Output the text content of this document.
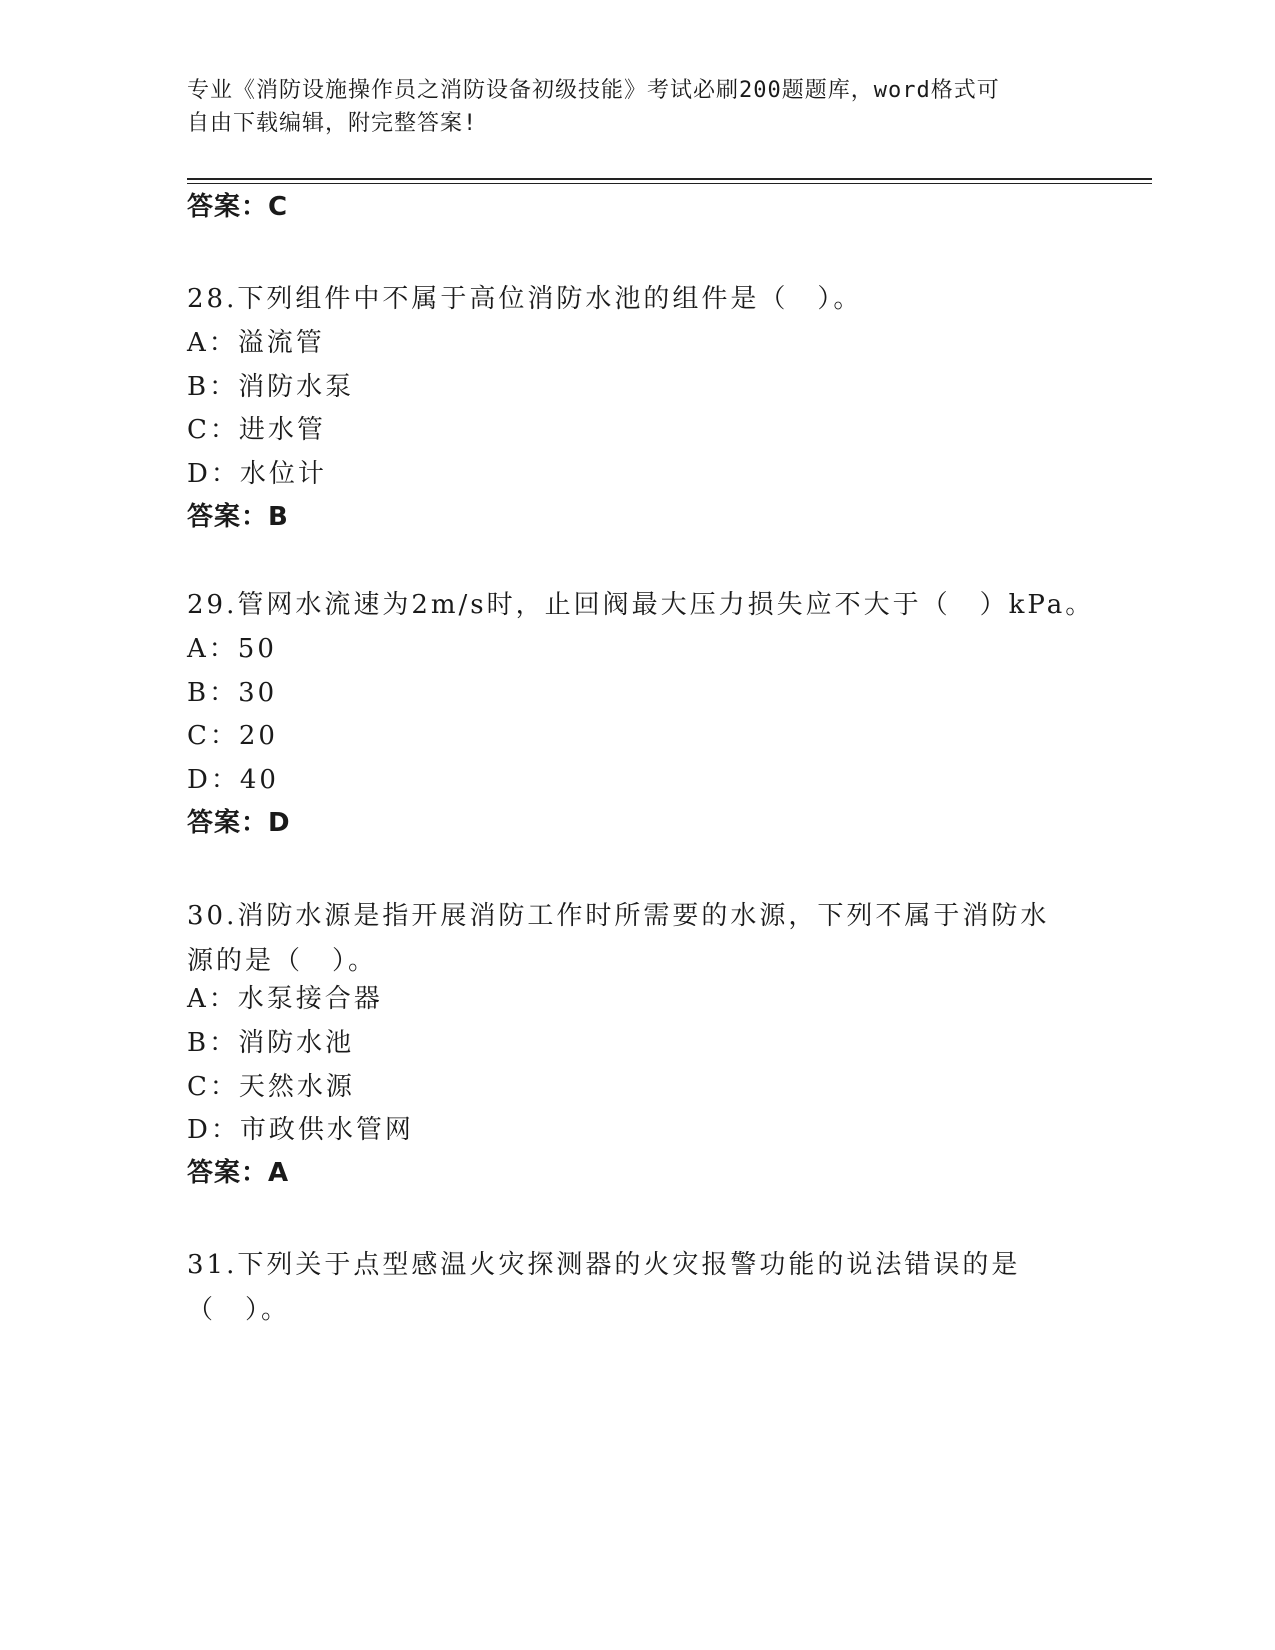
专业《消防设施操作员之消防设备初级技能》考试必刷200题题库，word格式可
自由下载编辑，附完整答案!
答案：C
28.下列组件中不属于高位消防水池的组件是（　）。
A：溢流管
B：消防水泵
C：进水管
D：水位计
答案：B
29.管网水流速为2m/s时，止回阀最大压力损失应不大于（　）kPa。
A：50
B：30
C：20
D：40
答案：D
30.消防水源是指开展消防工作时所需要的水源，下列不属于消防水源的是（　）。
A：水泵接合器
B：消防水池
C：天然水源
D：市政供水管网
答案：A
31.下列关于点型感温火灾探测器的火灾报警功能的说法错误的是（　）。
